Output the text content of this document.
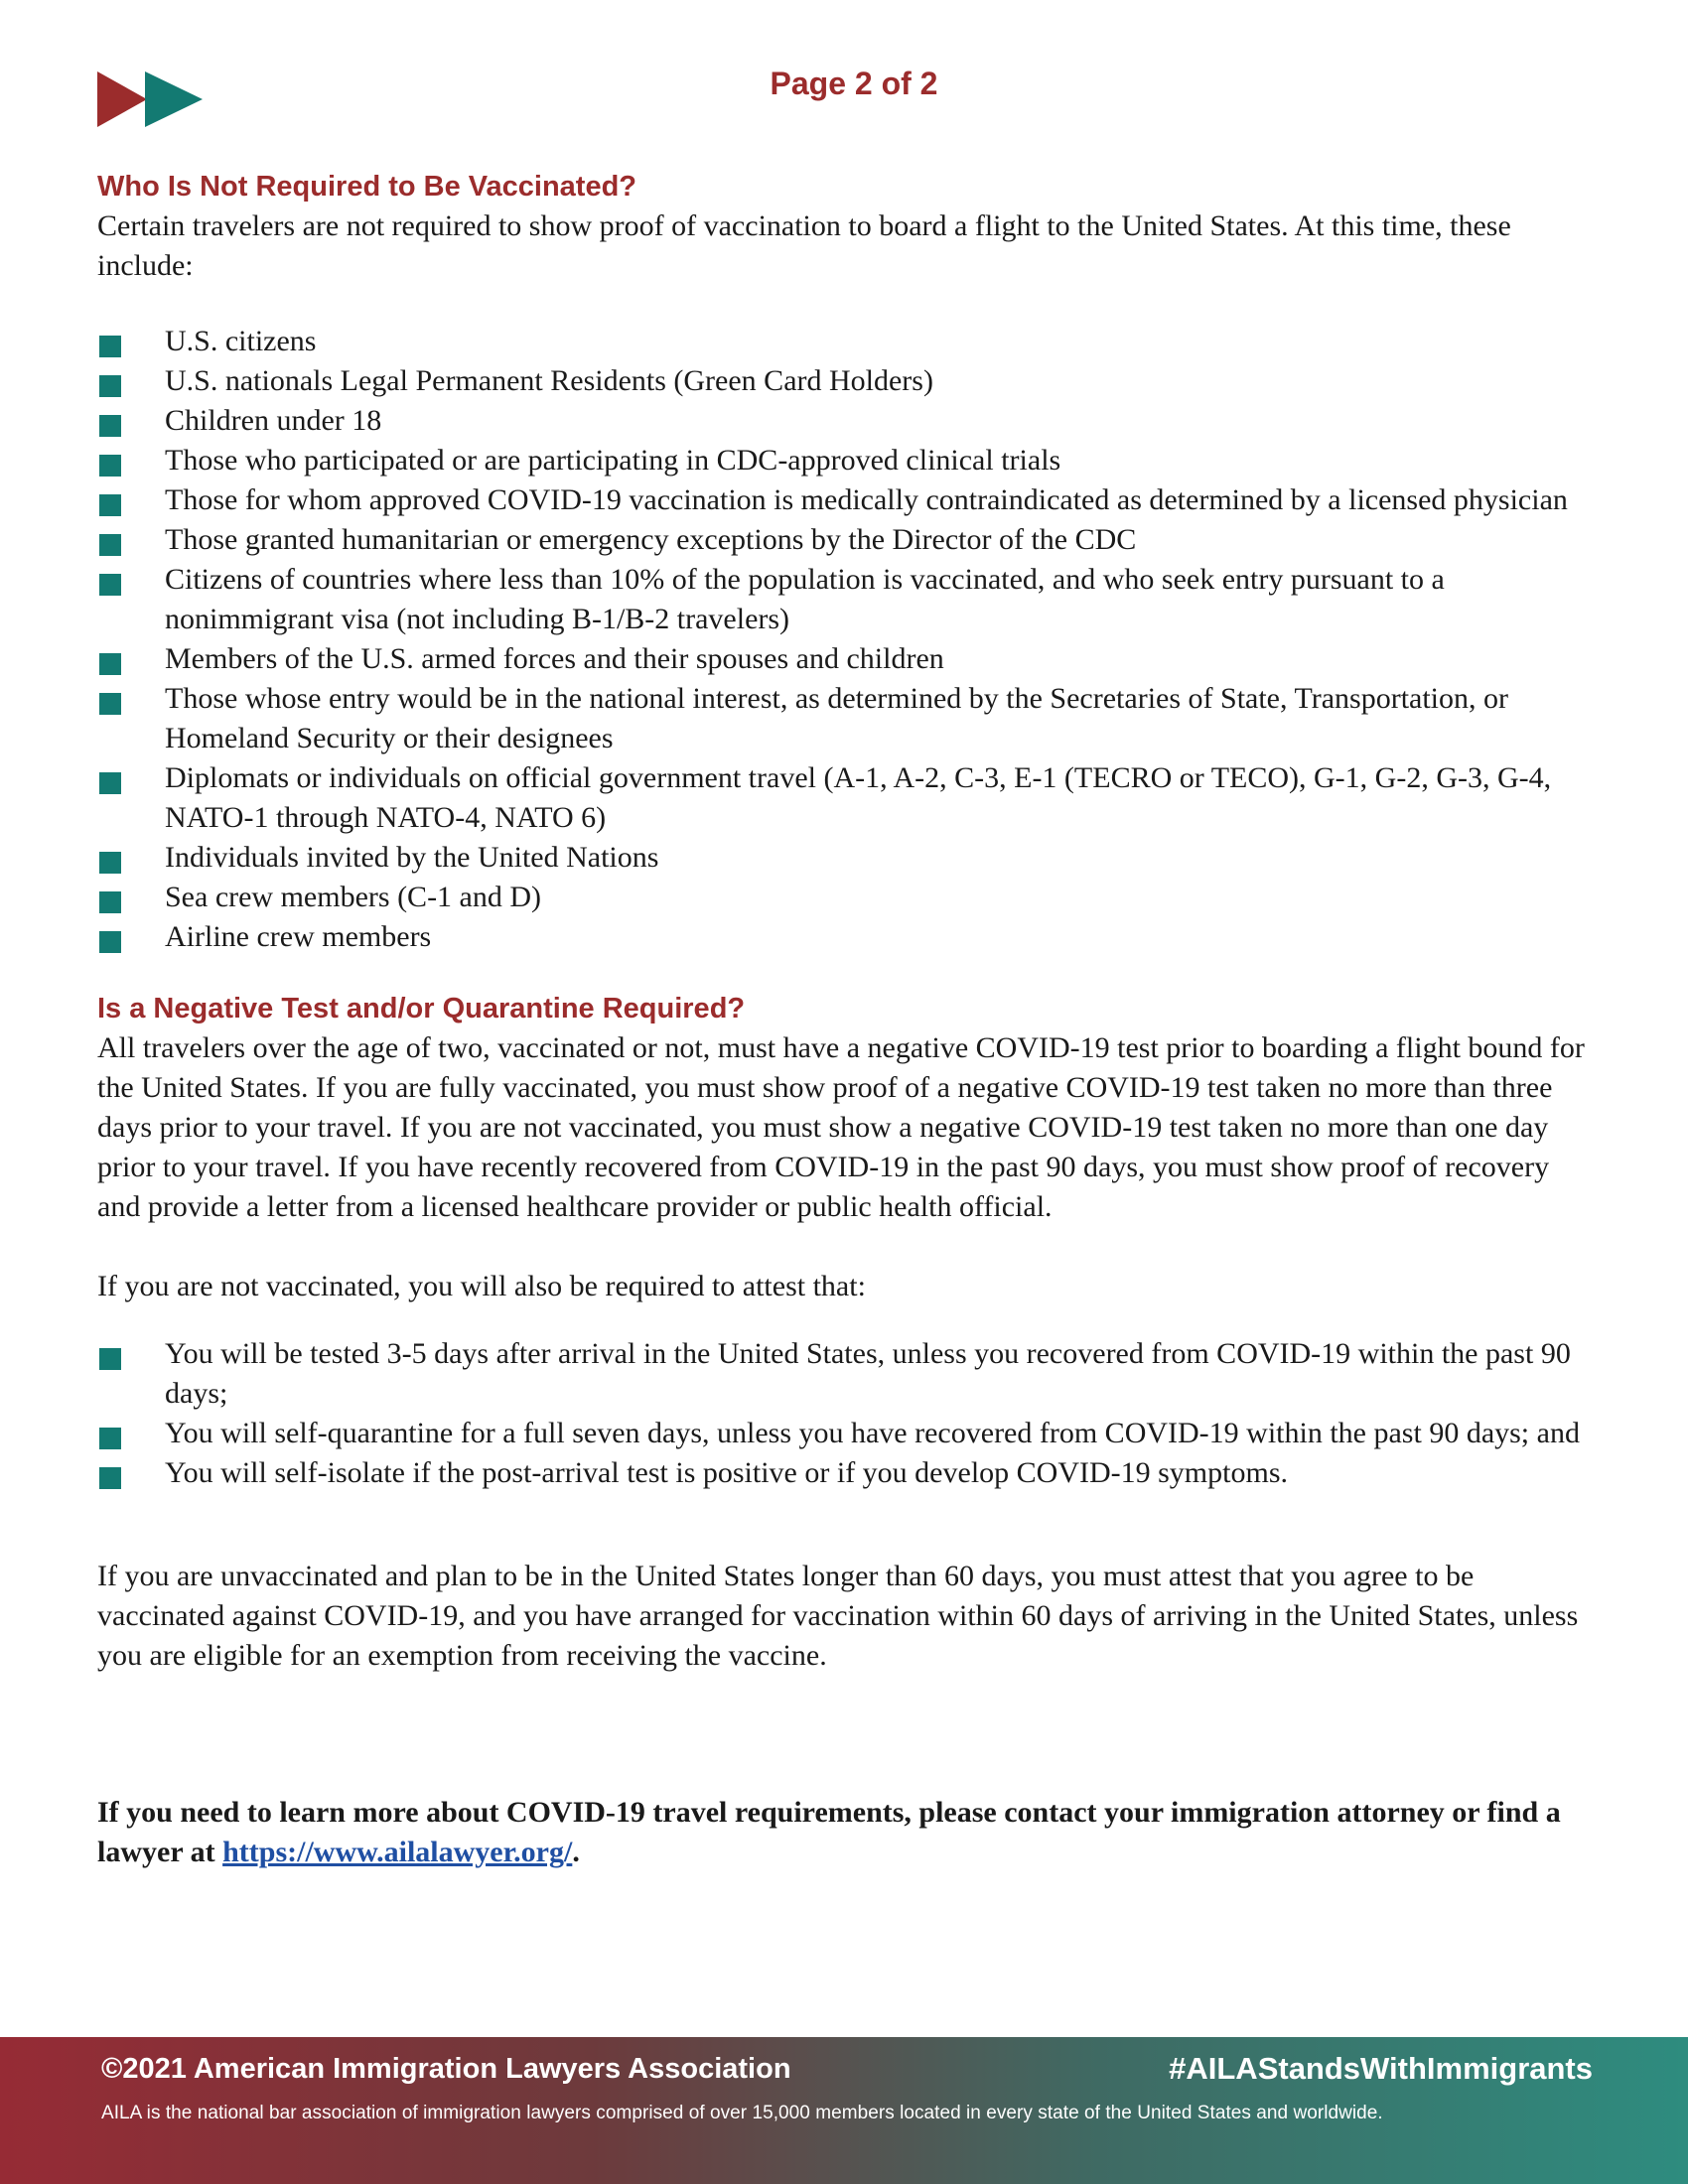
Page 2 of 2
Who Is Not Required to Be Vaccinated?

Certain travelers are not required to show proof of vaccination to board a flight to the United States. At this time, these include:

U.S. citizens
U.S. nationals Legal Permanent Residents (Green Card Holders)
Children under 18
Those who participated or are participating in CDC-approved clinical trials
Those for whom approved COVID-19 vaccination is medically contraindicated as determined by a licensed physician
Those granted humanitarian or emergency exceptions by the Director of the CDC
Citizens of countries where less than 10% of the population is vaccinated, and who seek entry pursuant to a nonimmigrant visa (not including B-1/B-2 travelers)
Members of the U.S. armed forces and their spouses and children
Those whose entry would be in the national interest, as determined by the Secretaries of State, Transportation, or Homeland Security or their designees
Diplomats or individuals on official government travel (A-1, A-2, C-3, E-1 (TECRO or TECO), G-1, G-2, G-3, G-4, NATO-1 through NATO-4, NATO 6)
Individuals invited by the United Nations
Sea crew members (C-1 and D)
Airline crew members
Is a Negative Test and/or Quarantine Required?

All travelers over the age of two, vaccinated or not, must have a negative COVID-19 test prior to boarding a flight bound for the United States. If you are fully vaccinated, you must show proof of a negative COVID-19 test taken no more than three days prior to your travel. If you are not vaccinated, you must show a negative COVID-19 test taken no more than one day prior to your travel. If you have recently recovered from COVID-19 in the past 90 days, you must show proof of recovery and provide a letter from a licensed healthcare provider or public health official.

If you are not vaccinated, you will also be required to attest that:

You will be tested 3-5 days after arrival in the United States, unless you recovered from COVID-19 within the past 90 days;
You will self-quarantine for a full seven days, unless you have recovered from COVID-19 within the past 90 days; and
You will self-isolate if the post-arrival test is positive or if you develop COVID-19 symptoms.

If you are unvaccinated and plan to be in the United States longer than 60 days, you must attest that you agree to be vaccinated against COVID-19, and you have arranged for vaccination within 60 days of arriving in the United States, unless you are eligible for an exemption from receiving the vaccine.

If you need to learn more about COVID-19 travel requirements, please contact your immigration attorney or find a lawyer at https://www.ailalawyer.org/.

©2021 American Immigration Lawyers Association	#AILAStandsWithImmigrants
AILA is the national bar association of immigration lawyers comprised of over 15,000 members located in every state of the United States and worldwide.
